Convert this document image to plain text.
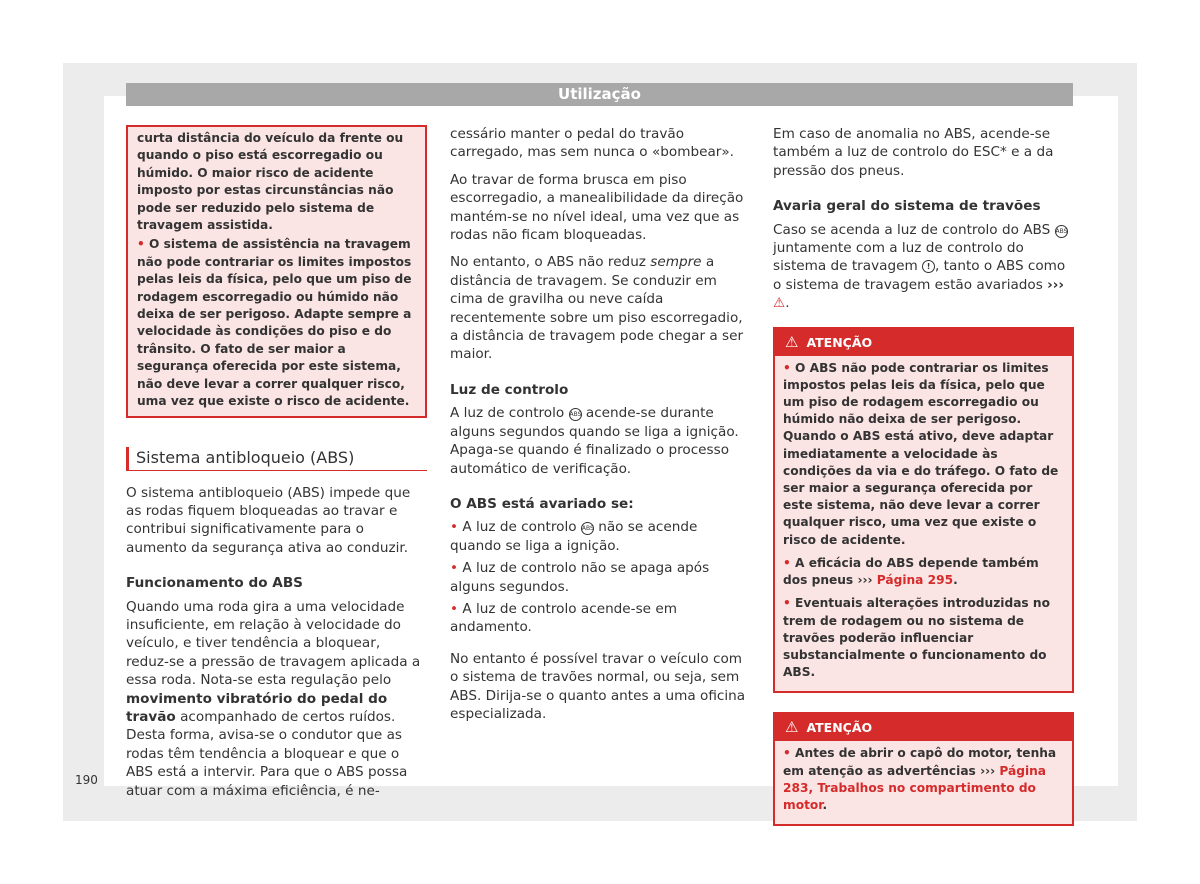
Utilização

curta distância do veículo da frente ou quando o piso está escorregadio ou húmido. O maior risco de acidente imposto por estas circunstâncias não pode ser reduzido pelo sistema de travagem assistida.

• O sistema de assistência na travagem não pode contrariar os limites impostos pelas leis da física, pelo que um piso de rodagem escorregadio ou húmido não deixa de ser perigoso. Adapte sempre a velocidade às condições do piso e do trânsito. O fato de ser maior a segurança oferecida por este sistema, não deve levar a correr qualquer risco, uma vez que existe o risco de acidente.

Sistema antibloqueio (ABS)

O sistema antibloqueio (ABS) impede que as rodas fiquem bloqueadas ao travar e contribui significativamente para o aumento da segurança ativa ao conduzir.

Funcionamento do ABS

Quando uma roda gira a uma velocidade insuficiente, em relação à velocidade do veículo, e tiver tendência a bloquear, reduz-se a pressão de travagem aplicada a essa roda. Nota-se esta regulação pelo movimento vibratório do pedal do travão acompanhado de certos ruídos. Desta forma, avisa-se o condutor que as rodas têm tendência a bloquear e que o ABS está a intervir. Para que o ABS possa atuar com a máxima eficiência, é ne-

cessário manter o pedal do travão carregado, mas sem nunca o «bombear».

Ao travar de forma brusca em piso escorregadio, a manealibilidade da direção mantém-se no nível ideal, uma vez que as rodas não ficam bloqueadas.

No entanto, o ABS não reduz sempre a distância de travagem. Se conduzir em cima de gravilha ou neve caída recentemente sobre um piso escorregadio, a distância de travagem pode chegar a ser maior.

Luz de controlo

A luz de controlo ABS acende-se durante alguns segundos quando se liga a ignição. Apaga-se quando é finalizado o processo automático de verificação.

O ABS está avariado se:

• A luz de controlo ABS não se acende quando se liga a ignição.

• A luz de controlo não se apaga após alguns segundos.

• A luz de controlo acende-se em andamento.

No entanto é possível travar o veículo com o sistema de travões normal, ou seja, sem ABS. Dirija-se o quanto antes a uma oficina especializada.

Em caso de anomalia no ABS, acende-se também a luz de controlo do ESC* e a da pressão dos pneus.

Avaria geral do sistema de travões

Caso se acenda a luz de controlo do ABS ABS juntamente com a luz de controlo do sistema de travagem ! , tanto o ABS como o sistema de travagem estão avariados ››› ⚠.

⚠ ATENÇÃO

• O ABS não pode contrariar os limites impostos pelas leis da física, pelo que um piso de rodagem escorregadio ou húmido não deixa de ser perigoso. Quando o ABS está ativo, deve adaptar imediatamente a velocidade às condições da via e do tráfego. O fato de ser maior a segurança oferecida por este sistema, não deve levar a correr qualquer risco, uma vez que existe o risco de acidente.

• A eficácia do ABS depende também dos pneus ››› Página 295.

• Eventuais alterações introduzidas no trem de rodagem ou no sistema de travões poderão influenciar substancialmente o funcionamento do ABS.

⚠ ATENÇÃO

• Antes de abrir o capô do motor, tenha em atenção as advertências ››› Página 283, Trabalhos no compartimento do motor.

190
